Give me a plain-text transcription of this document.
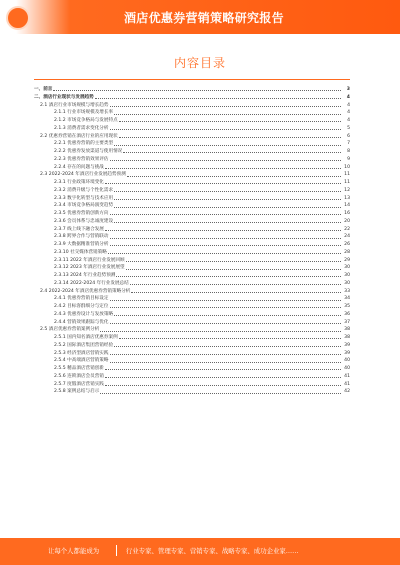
酒店优惠券营销策略研究报告
内容目录
一、前言	3
二、酒店行业现状与发展趋势	4
2.1 酒店行业市场规模与增长趋势	4
2.1.1 行业市场规模及增长率	4
2.1.2 市场竞争格局与发展特点	4
2.1.3 消费者需求变化分析	5
2.2 优惠券营销在酒店行业的应用现状	6
2.2.1 优惠券营销的主要类型	7
2.2.2 优惠券发放渠道与使用情况	8
2.2.3 优惠券营销效果评估	9
2.2.4 存在的问题与挑战	10
2.3 2022-2024 年酒店行业发展趋势预测	11
2.3.1 行业政策环境变化	11
2.3.2 消费升级与个性化需求	12
2.3.3 数字化转型与技术应用	13
2.3.4 市场竞争格局演变趋势	14
2.3.5 优惠券营销创新方向	16
2.3.6 会员体系与忠诚度建设	20
2.3.7 线上线下融合发展	22
2.3.8 跨界合作与营销联动	24
2.3.9 大数据精准营销分析	26
2.3.10 社交媒体营销策略	28
2.3.11 2022 年酒店行业发展回顾	29
2.3.12 2023 年酒店行业发展展望	30
2.3.13 2024 年行业趋势预测	30
2.3.14 2022-2024 年行业发展总结	30
2.4 2022-2024 年酒店优惠券营销策略分析	33
2.4.1 优惠券营销目标设定	34
2.4.2 目标客群细分与定位	35
2.4.3 优惠券设计与发放策略	36
2.4.4 营销效果跟踪与优化	37
2.5 酒店优惠券营销案例分析	38
2.5.1 国内知名酒店优惠券案例	38
2.5.2 国际酒店集团营销经验	39
2.5.3 经济型酒店营销实践	39
2.5.4 中高端酒店营销策略	40
2.5.5 精品酒店营销创新	40
2.5.6 连锁酒店会员营销	41
2.5.7 度假酒店营销实践	41
2.5.8 案例总结与启示	42
让每个人都能成为	行业专家、管理专家、营销专家、战略专家、成功企业家……
